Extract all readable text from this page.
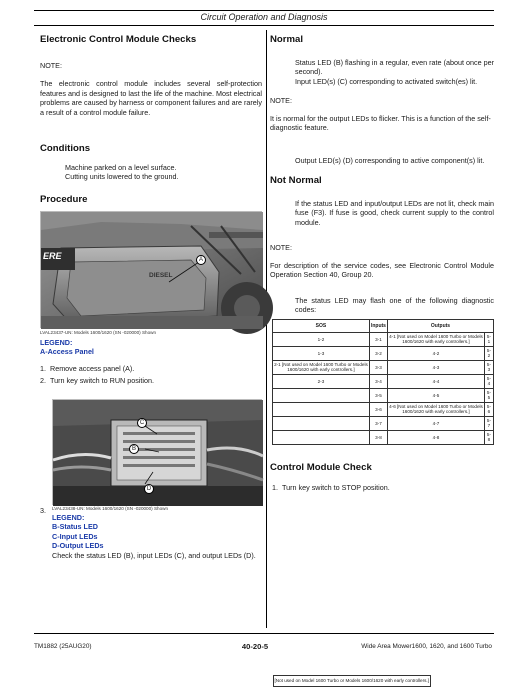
Circuit Operation and Diagnosis
Electronic Control Module Checks
NOTE:
The electronic control module includes several self-protection features and is designed to last the life of the machine. Most electrical problems are caused by harness or component failures and are rarely a result of a control module failure.
Conditions
Machine parked on a level surface.
Cutting units lowered to the ground.
Procedure
ERE
DIESEL
A
LVAL23437-UN: Models 1600/1620 (SN -020000) Shown
LEGEND:
A-Access Panel
1. Remove access panel (A).
2. Turn key switch to RUN position.
C
B
D
3.	LVAL23438-UN: Models 1600/1620 (SN -020000) Shown
LEGEND:
B-Status LED
C-Input LEDs
D-Output LEDs
Check the status LED (B), input LEDs (C), and output LEDs (D).
Normal
Status LED (B) flashing in a regular, even rate (about once per second).
Input LED(s) (C) corresponding to activated switch(es) lit.
NOTE:
It is normal for the output LEDs to flicker. This is a function of the self-diagnostic feature.
Output LED(s) (D) corresponding to active component(s) lit.
Not Normal
If the status LED and input/output LEDs are not lit, check main fuse (F3). If fuse is good, check current supply to the control module.
NOTE:
For description of the service codes, see Electronic Control Module Operation Section 40, Group 20.
The status LED may flash one of the following diagnostic codes:
SOS	Inputs	Outputs	
1-2	3-1	4-1 [Not used on Model 1600 Turbo or Models 1600/1620 with early controllers.]	5-1
1-3	3-2	4-2	5-2
2-1 [Not used on Model 1600 Turbo or Models 1600/1620 with early controllers.]	3-3	4-3	5-3
2-3	3-4	4-4	5-4
	3-5	4-5	5-5
	3-6	4-6 [Not used on Model 1600 Turbo or Models 1600/1620 with early controllers.]	5-6
	3-7	4-7	5-7
	3-8	4-8	5-8

[Not used on Model 1600 Turbo or Models 1600/1620 with early controllers.]
Control Module Check
1. Turn key switch to STOP position.
TM1882 (25AUG20)	40-20-5	Wide Area Mower1600, 1620, and 1600 Turbo
